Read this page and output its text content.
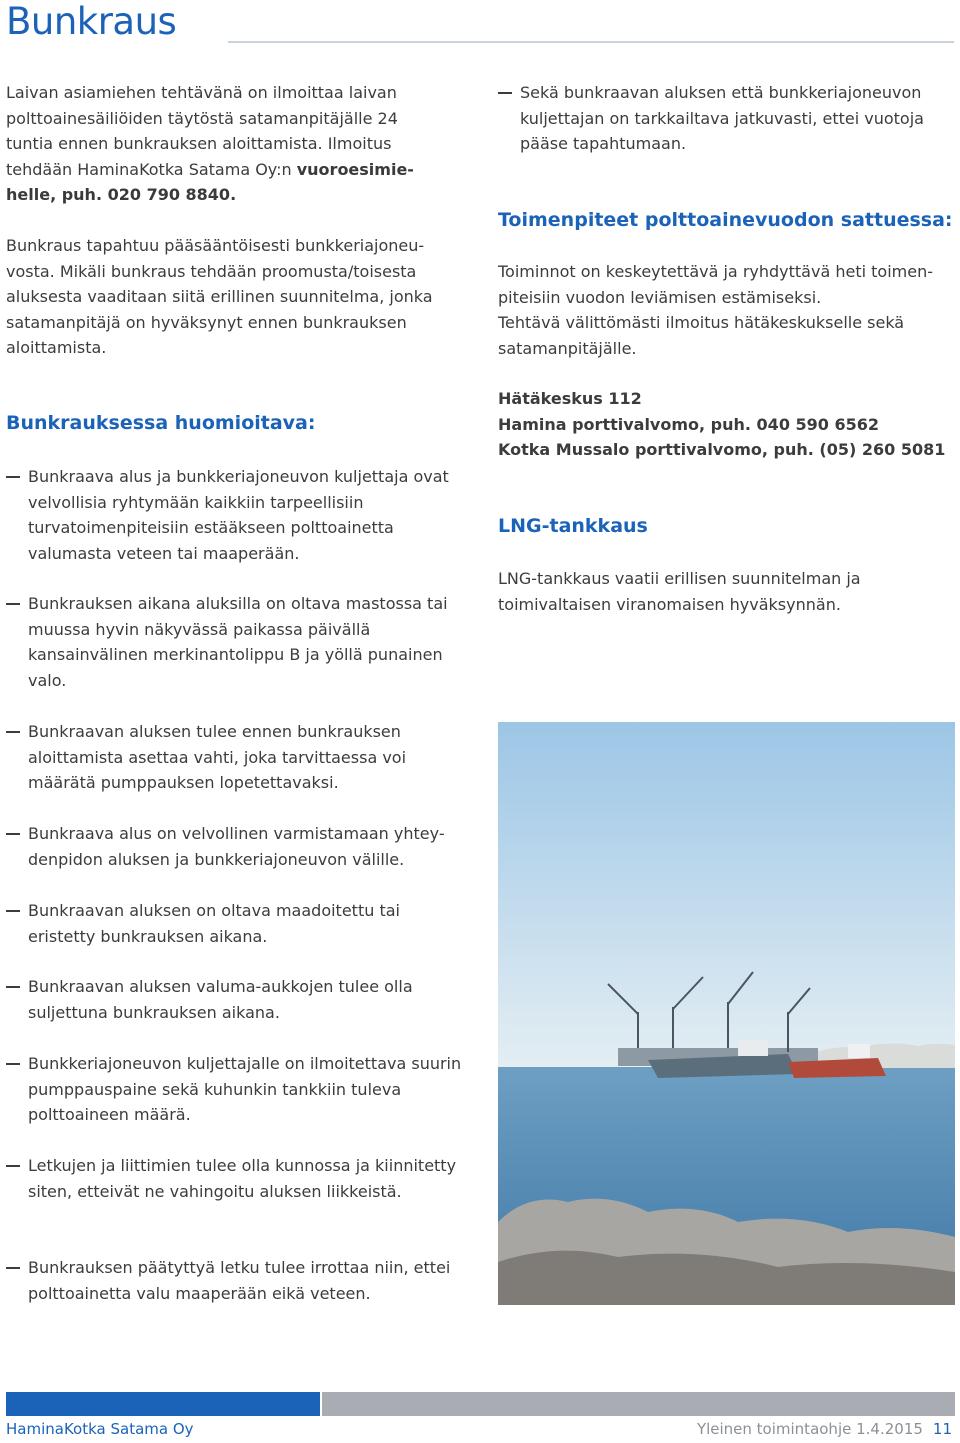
Bunkraus

Laivan asiamiehen tehtävänä on ilmoittaa laivan polttoainesäiliöiden täytöstä satamanpitäjälle 24 tuntia ennen bunkrauksen aloittamista. Ilmoitus tehdään HaminaKotka Satama Oy:n vuoroesimie-helle, puh. 020 790 8840.

Bunkraus tapahtuu pääsääntöisesti bunkkeriajoneu-vosta. Mikäli bunkraus tehdään proomusta/toisesta aluksesta vaaditaan siitä erillinen suunnitelma, jonka satamanpitäjä on hyväksynyt ennen bunkrauksen aloittamista.

Bunkrauksessa huomioitava:

Bunkraava alus ja bunkkeriajoneuvon kuljettaja ovat velvollisia ryhtymään kaikkiin tarpeellisiin turvatoimenpiteisiin estääkseen polttoainetta valumasta veteen tai maaperään.

Bunkrauksen aikana aluksilla on oltava mastossa tai muussa hyvin näkyvässä paikassa päivällä kansainvälinen merkinantolippu B ja yöllä punainen valo.

Bunkraavan aluksen tulee ennen bunkrauksen aloittamista asettaa vahti, joka tarvittaessa voi määrätä pumppauksen lopetettavaksi.

Bunkraava alus on velvollinen varmistamaan yhtey-denpidon aluksen ja bunkkeriajoneuvon välille.

Bunkraavan aluksen on oltava maadoitettu tai eristetty bunkrauksen aikana.

Bunkraavan aluksen valuma-aukkojen tulee olla suljettuna bunkrauksen aikana.

Bunkkeriajoneuvon kuljettajalle on ilmoitettava suurin pumppauspaine sekä kuhunkin tankkiin tuleva polttoaineen määrä.

Letkujen ja liittimien tulee olla kunnossa ja kiinnitetty siten, etteivät ne vahingoitu aluksen liikkeistä.

Bunkrauksen päätyttyä letku tulee irrottaa niin, ettei polttoainetta valu maaperään eikä veteen.

Sekä bunkraavan aluksen että bunkkeriajoneuvon kuljettajan on tarkkailtava jatkuvasti, ettei vuotoja pääse tapahtumaan.

Toimenpiteet polttoainevuodon sattuessa:

Toiminnot on keskeytettävä ja ryhdyttävä heti toimen-piteisiin vuodon leviämisen estämiseksi.

Tehtävä välittömästi ilmoitus hätäkeskukselle sekä satamanpitäjälle.

Hätäkeskus 112

Hamina porttivalvomo, puh. 040 590 6562

Kotka Mussalo porttivalvomo, puh. (05) 260 5081

LNG-tankkaus

LNG-tankkaus vaatii erillisen suunnitelman ja toimivaltaisen viranomaisen hyväksynnän.

HaminaKotka Satama Oy	Yleinen toimintaohje 1.4.2015 11
